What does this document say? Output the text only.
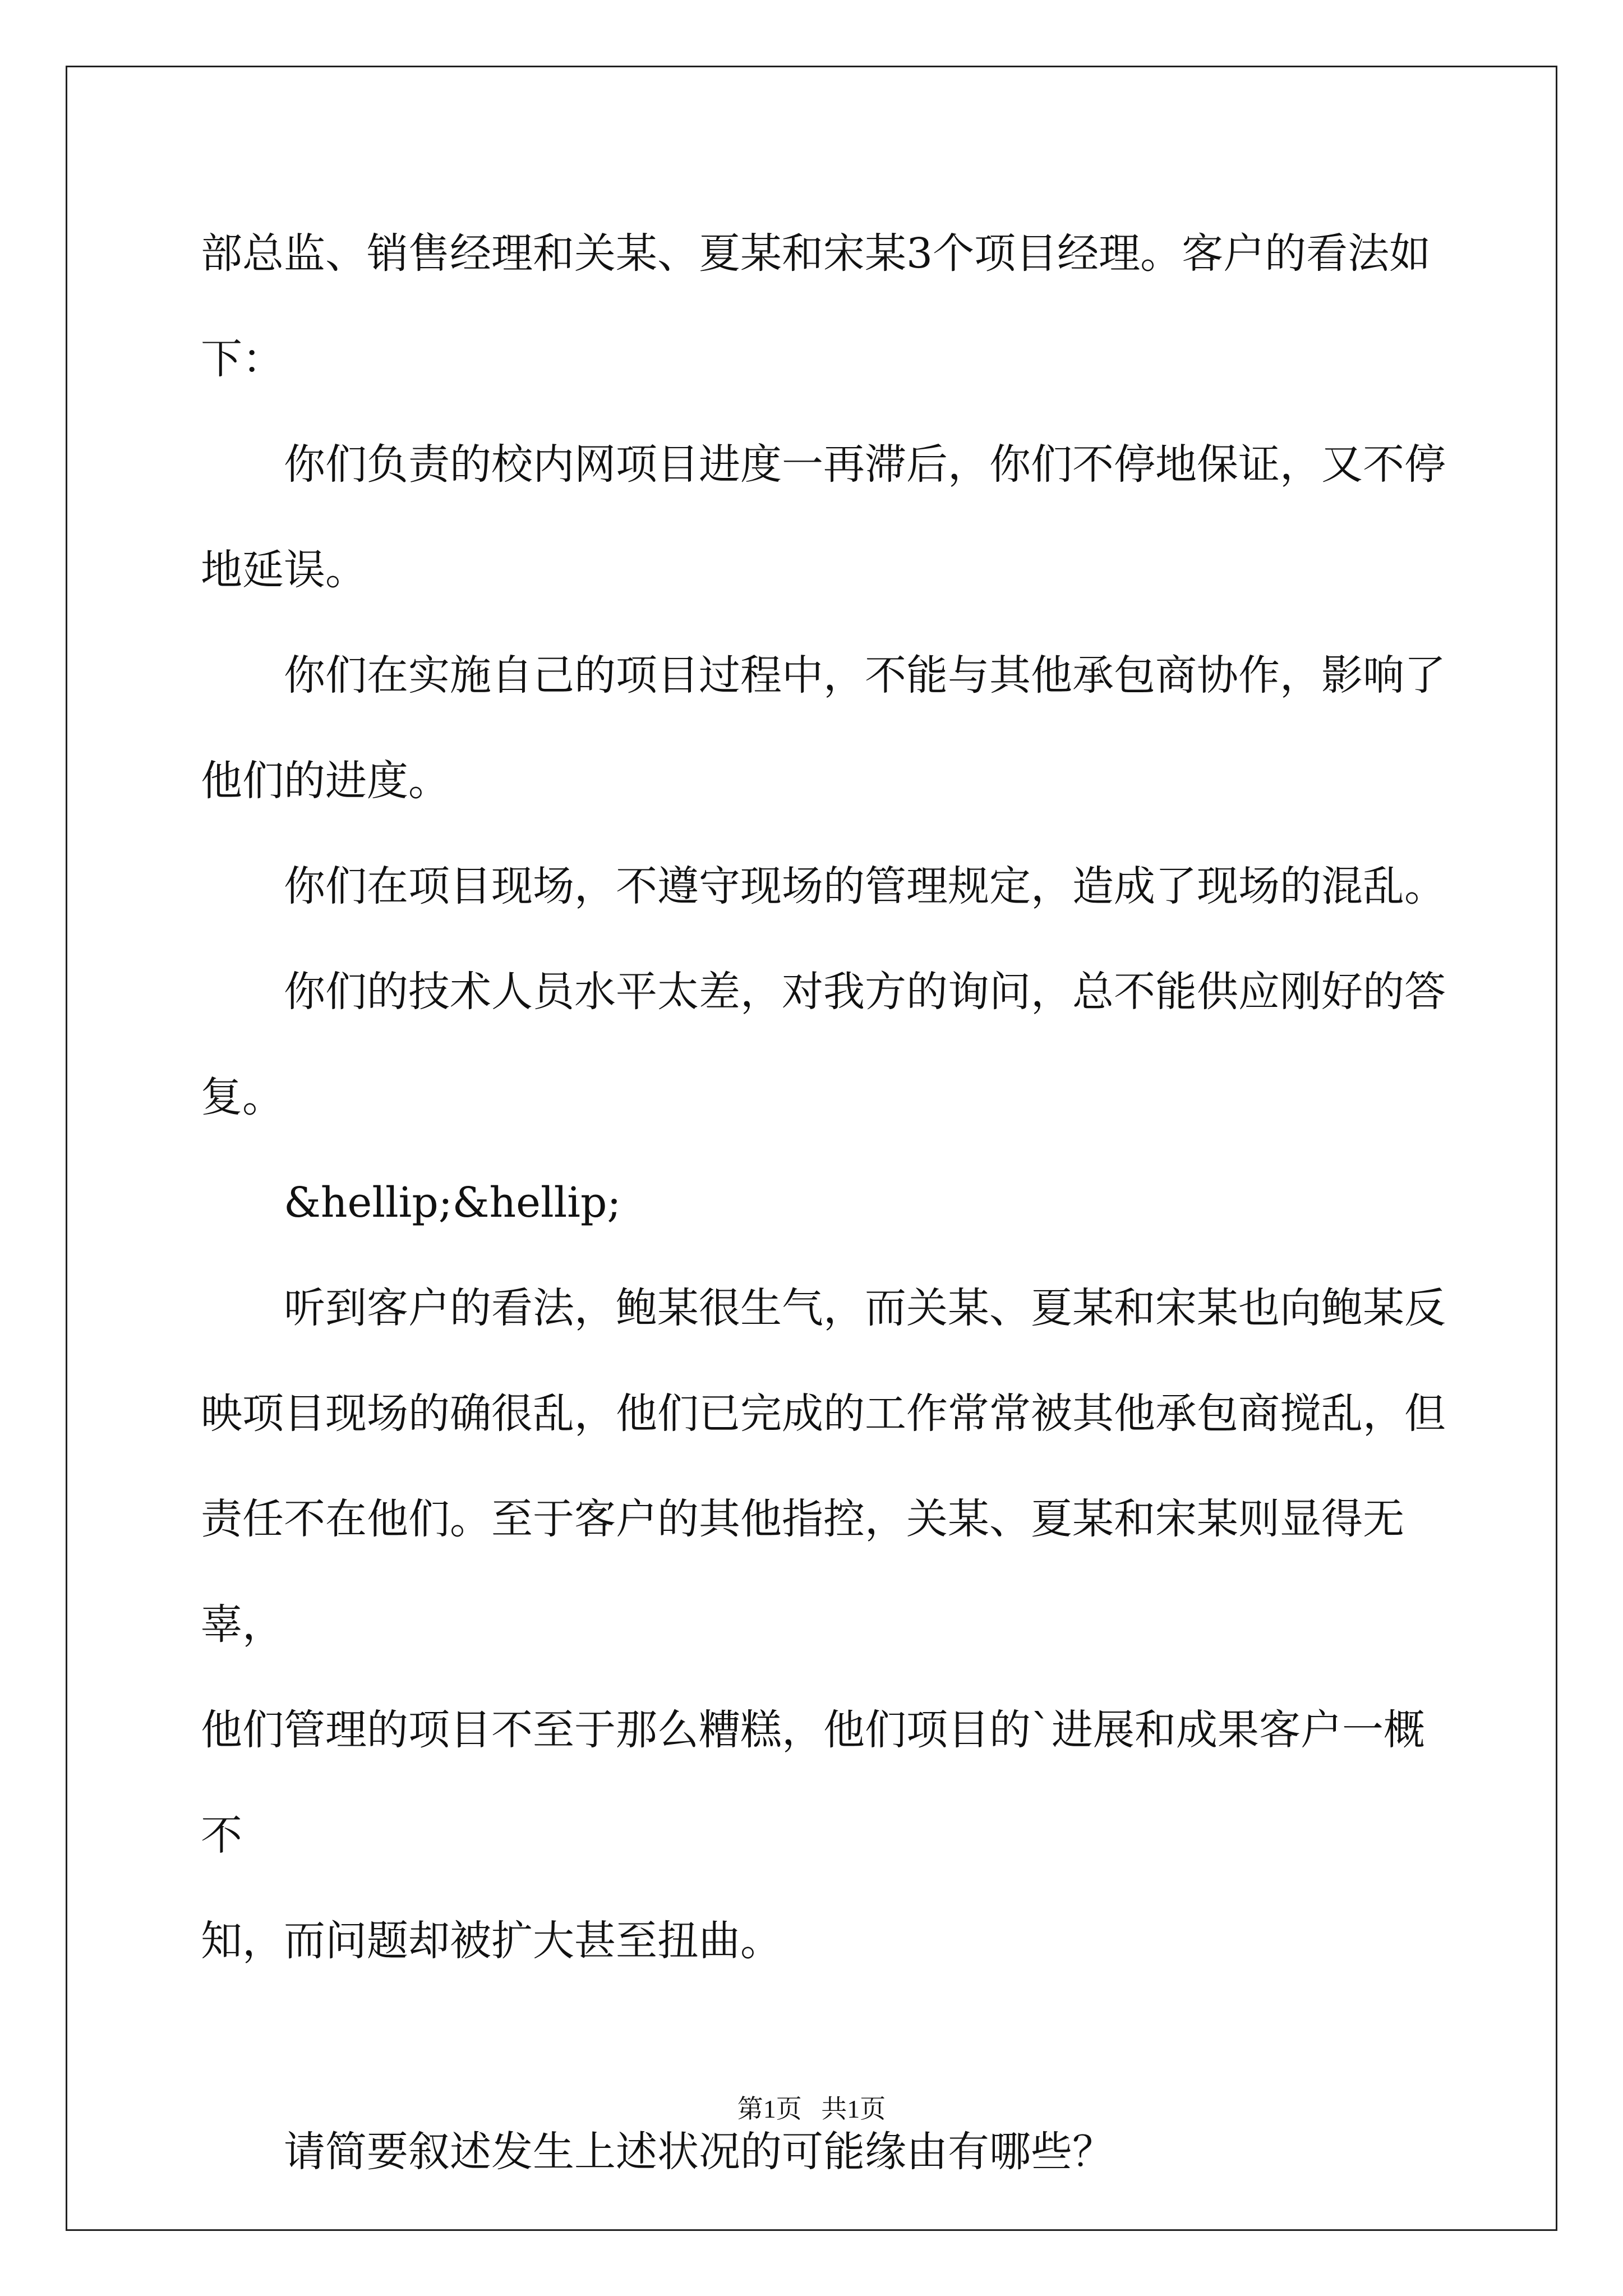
部总监、销售经理和关某、夏某和宋某3个项目经理。客户的看法如

下：

你们负责的校内网项目进度一再滞后，你们不停地保证，又不停

地延误。

你们在实施自己的项目过程中，不能与其他承包商协作，影响了

他们的进度。

你们在项目现场，不遵守现场的管理规定，造成了现场的混乱。

你们的技术人员水平太差，对我方的询问，总不能供应刚好的答

复。

&hellip;&hellip;

听到客户的看法，鲍某很生气，而关某、夏某和宋某也向鲍某反

映项目现场的确很乱，他们已完成的工作常常被其他承包商搅乱，但

责任不在他们。至于客户的其他指控，关某、夏某和宋某则显得无辜，

他们管理的项目不至于那么糟糕，他们项目的`进展和成果客户一概不

知，而问题却被扩大甚至扭曲。

请简要叙述发生上述状况的可能缘由有哪些？

第1页 共1页
